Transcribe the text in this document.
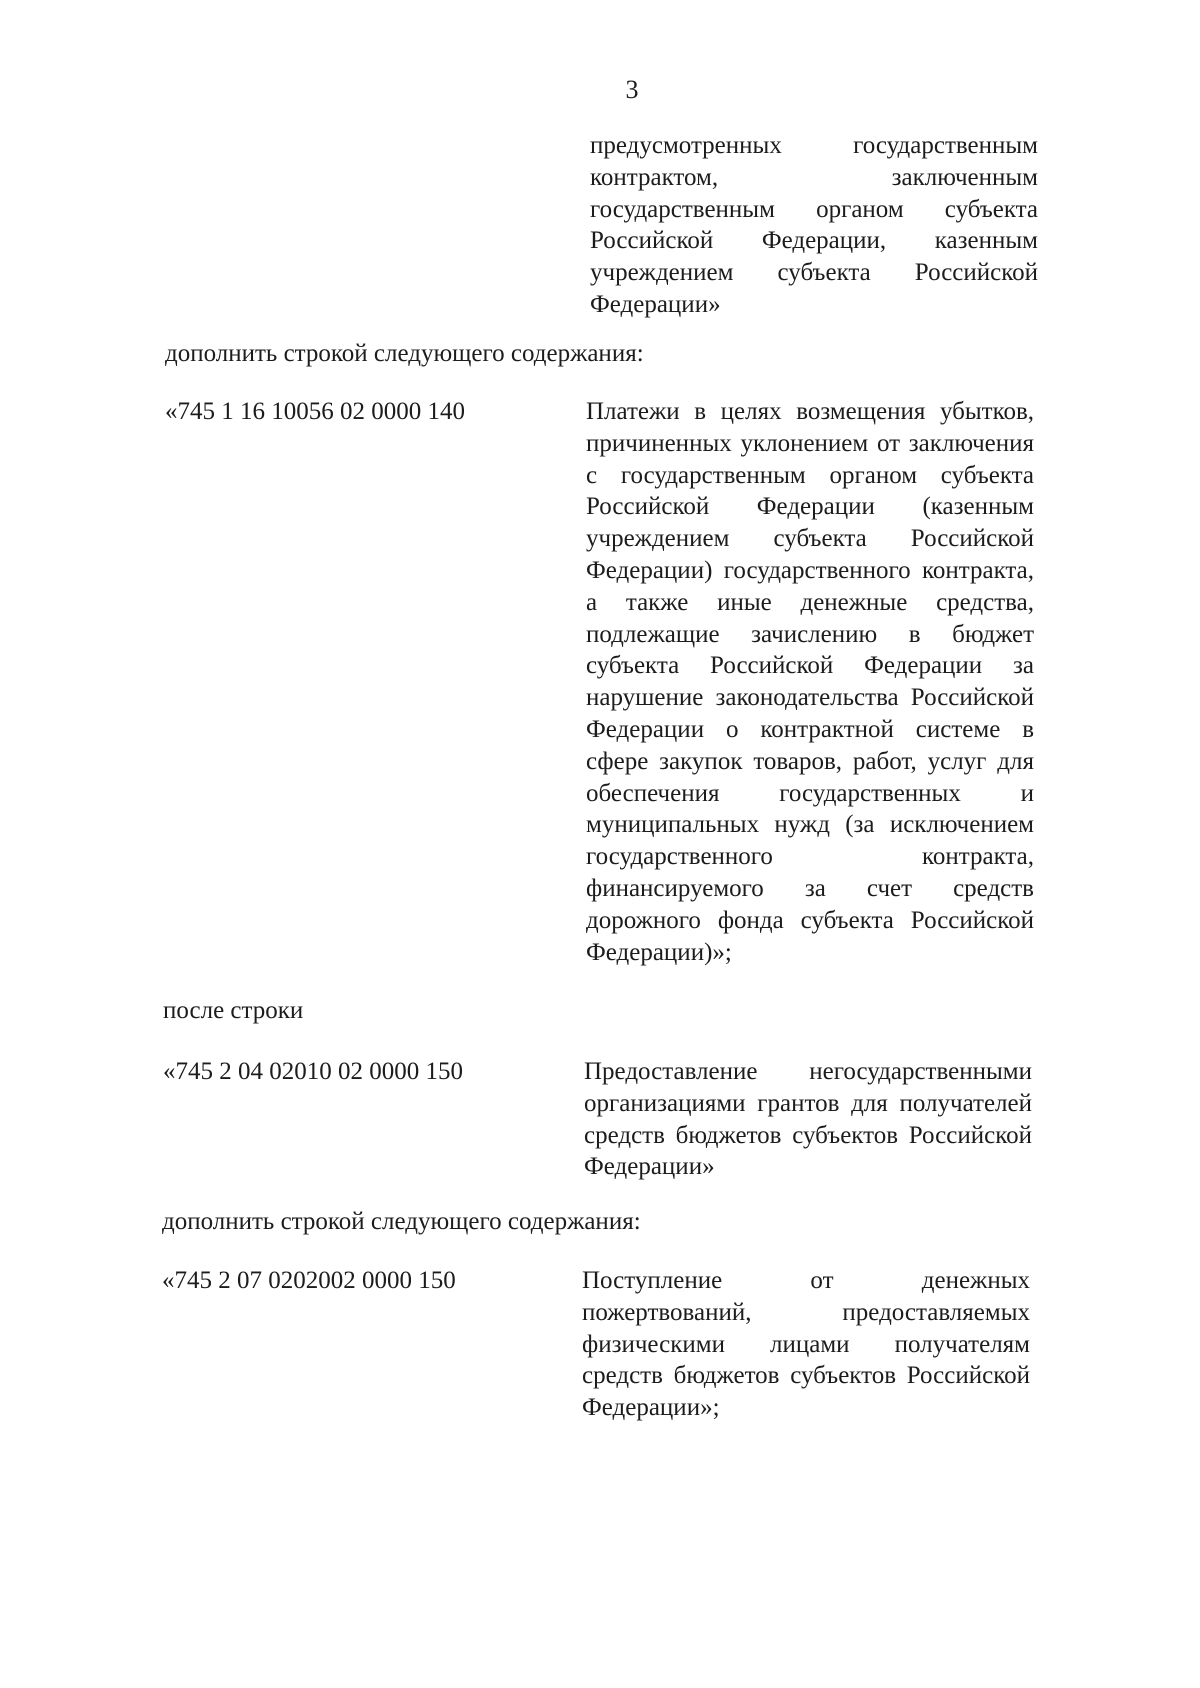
3

предусмотренных государственным контрактом, заключенным государственным органом субъекта Российской Федерации, казенным учреждением субъекта Российской Федерации»

дополнить строкой следующего содержания:

«745 1 16 10056 02 0000 140	Платежи в целях возмещения убытков, причиненных уклонением от заключения с государственным органом субъекта Российской Федерации (казенным учреждением субъекта Российской Федерации) государственного контракта, а также иные денежные средства, подлежащие зачислению в бюджет субъекта Российской Федерации за нарушение законодательства Российской Федерации о контрактной системе в сфере закупок товаров, работ, услуг для обеспечения государственных и муниципальных нужд (за исключением государственного контракта, финансируемого за счет средств дорожного фонда субъекта Российской Федерации)»;

после строки

«745 2 04 02010 02 0000 150	Предоставление негосударственными организациями грантов для получателей средств бюджетов субъектов Российской Федерации»

дополнить строкой следующего содержания:

«745 2 07 0202002 0000 150	Поступление от денежных пожертвований, предоставляемых физическими лицами получателям средств бюджетов субъектов Российской Федерации»;
